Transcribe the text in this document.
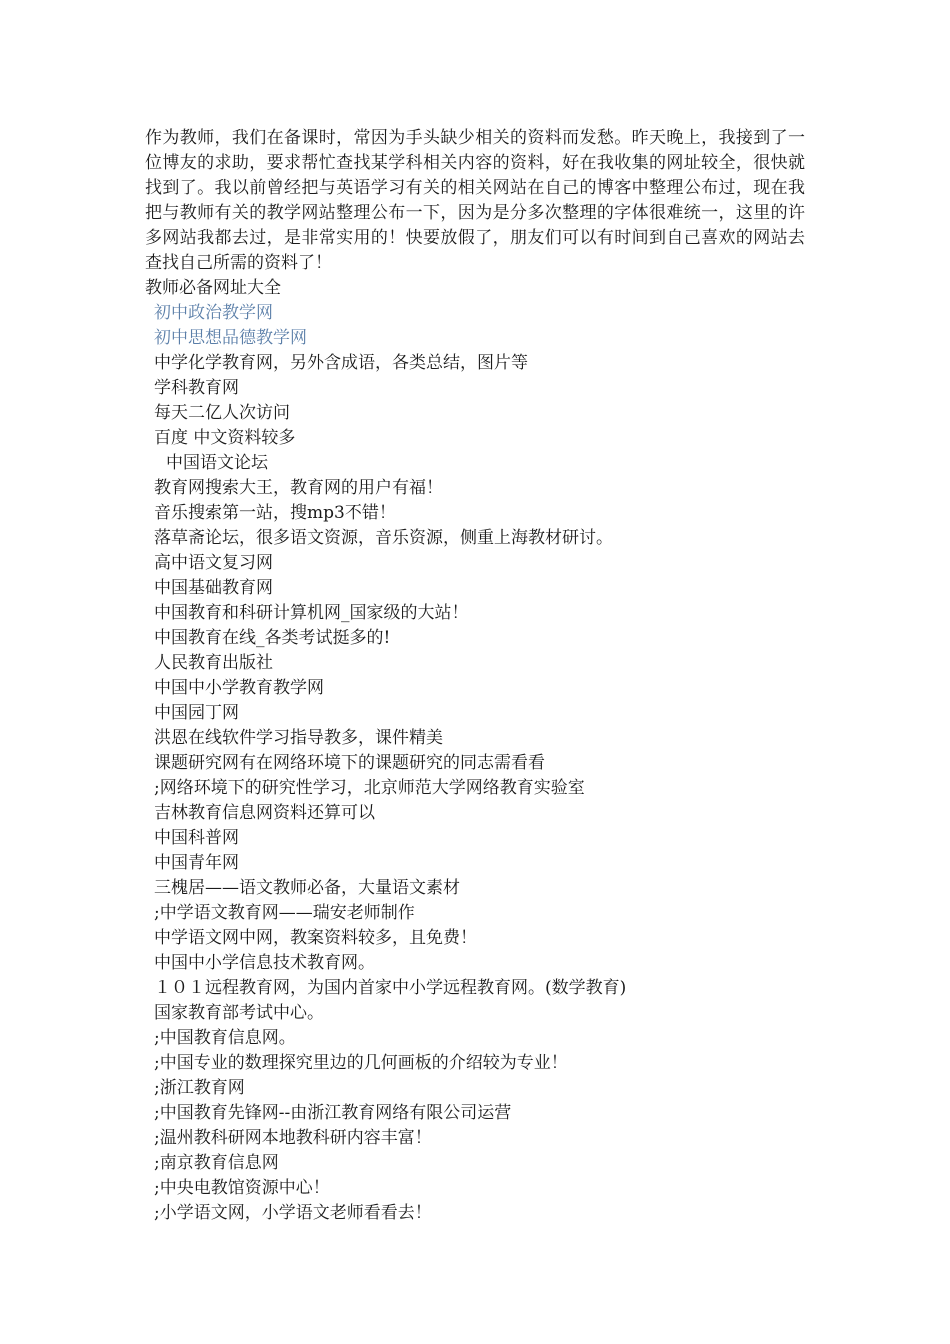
作为教师，我们在备课时，常因为手头缺少相关的资料而发愁。昨天晚上，我接到了一位博友的求助，要求帮忙查找某学科相关内容的资料，好在我收集的网址较全，很快就找到了。我以前曾经把与英语学习有关的相关网站在自己的博客中整理公布过，现在我把与教师有关的教学网站整理公布一下，因为是分多次整理的字体很难统一，这里的许多网站我都去过，是非常实用的！快要放假了，朋友们可以有时间到自己喜欢的网站去查找自己所需的资料了！

教师必备网址大全

初中政治教学网
初中思想品德教学网
中学化学教育网，另外含成语，各类总结，图片等
学科教育网
每天二亿人次访问
百度 中文资料较多
中国语文论坛
教育网搜索大王，教育网的用户有福！
音乐搜索第一站，搜mp3不错！
落草斋论坛，很多语文资源，音乐资源，侧重上海教材研讨。
高中语文复习网
中国基础教育网
中国教育和科研计算机网_国家级的大站！
中国教育在线_各类考试挺多的!
人民教育出版社
中国中小学教育教学网
中国园丁网
洪恩在线软件学习指导教多，课件精美
课题研究网有在网络环境下的课题研究的同志需看看
;网络环境下的研究性学习，北京师范大学网络教育实验室
吉林教育信息网资料还算可以
中国科普网
中国青年网
三槐居——语文教师必备，大量语文素材
;中学语文教育网——瑞安老师制作
中学语文网中网，教案资料较多，且免费！
中国中小学信息技术教育网。
１０１远程教育网，为国内首家中小学远程教育网。(数学教育)
国家教育部考试中心。
;中国教育信息网。
;中国专业的数理探究里边的几何画板的介绍较为专业！
;浙江教育网
;中国教育先锋网--由浙江教育网络有限公司运营
;温州教科研网本地教科研内容丰富！
;南京教育信息网
;中央电教馆资源中心！
;小学语文网，小学语文老师看看去！
